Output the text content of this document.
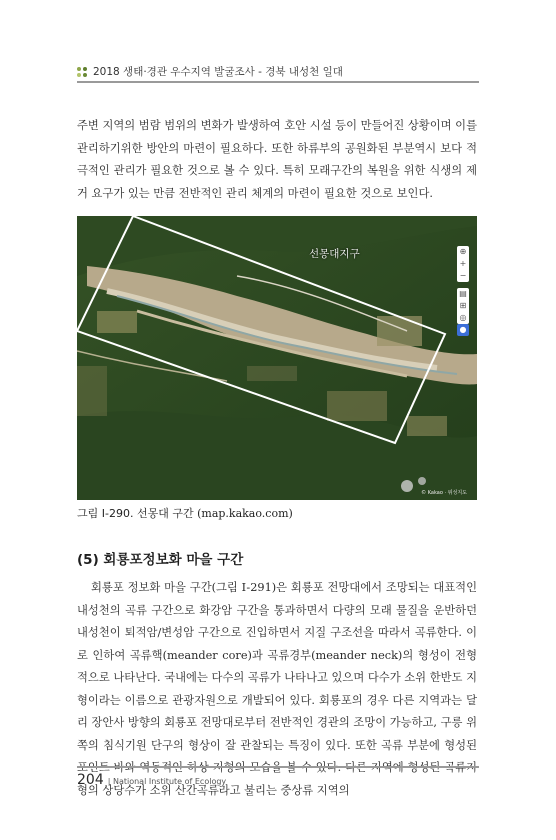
2018 생태·경관 우수지역 발굴조사 - 경북 내성천 일대

주변 지역의 범람 범위의 변화가 발생하여 호안 시설 등이 만들어진 상황이며 이를 관리하기위한 방안의 마련이 필요하다. 또한 하류부의 공원화된 부분역시 보다 적극적인 관리가 필요한 것으로 볼 수 있다. 특히 모래구간의 복원을 위한 식생의 제거 요구가 있는 만큼 전반적인 관리 체계의 마련이 필요한 것으로 보인다.

선몽대지구	⊕
+
−
▤
⊞
◎
●
© Kakao · 위성지도
그림 Ⅰ-290. 선몽대 구간 (map.kakao.com)
(5) 회룡포정보화 마을 구간

회룡포 정보화 마을 구간(그림 Ⅰ-291)은 회룡포 전망대에서 조망되는 대표적인 내성천의 곡류 구간으로 화강암 구간을 통과하면서 다량의 모래 물질을 운반하던 내성천이 퇴적암/변성암 구간으로 진입하면서 지질 구조선을 따라서 곡류한다. 이로 인하여 곡류핵(meander core)과 곡류경부(meander neck)의 형성이 전형적으로 나타난다. 국내에는 다수의 곡류가 나타나고 있으며 다수가 소위 한반도 지형이라는 이름으로 관광자원으로 개발되어 있다. 회룡포의 경우 다른 지역과는 달리 장안사 방향의 회룡포 전망대로부터 전반적인 경관의 조망이 가능하고, 구릉 위쪽의 침식기원 단구의 형상이 잘 관찰되는 특징이 있다. 또한 곡류 부분에 형성된 형의 상당수가 소위 산간곡류라고 불리는 중상류 지역의

204 | National Institute of Ecology
